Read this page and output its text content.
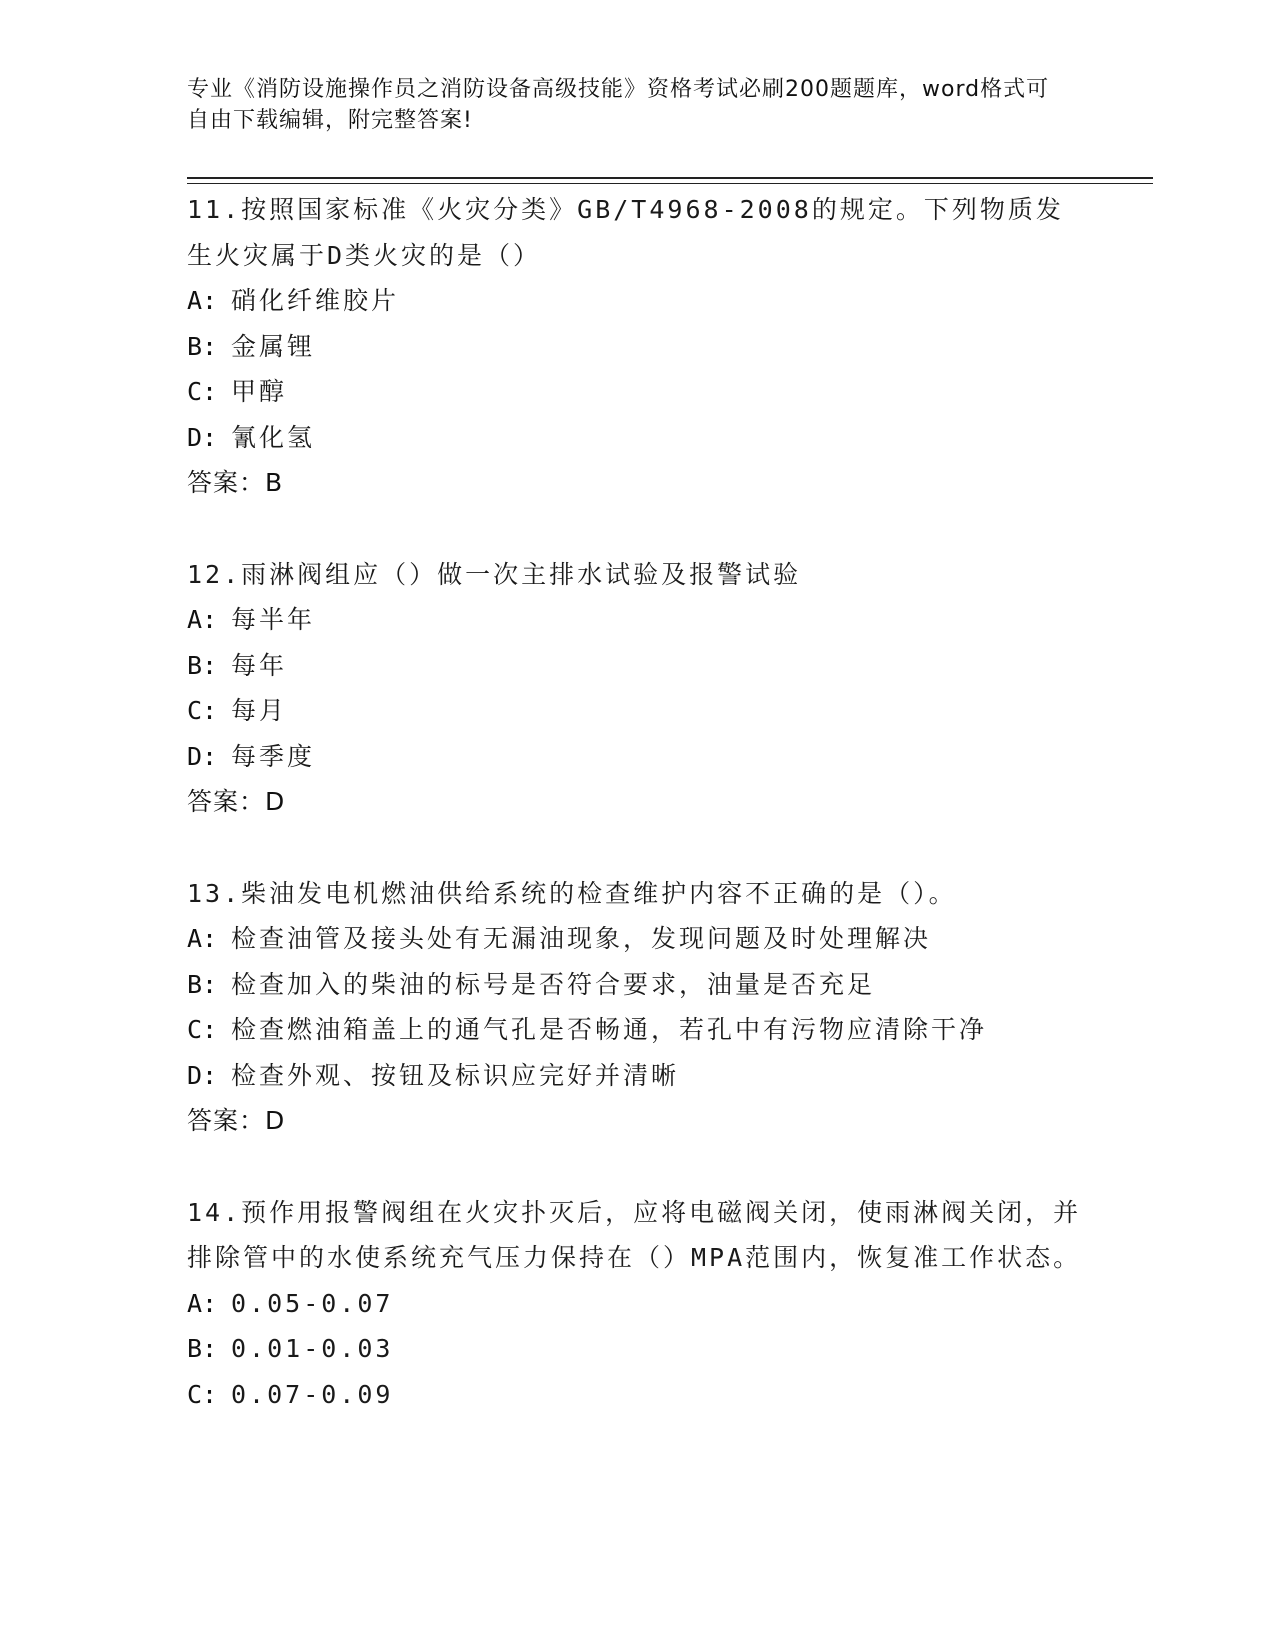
专业《消防设施操作员之消防设备高级技能》资格考试必刷200题题库，word格式可自由下载编辑，附完整答案!
11.按照国家标准《火灾分类》GB/T4968-2008的规定。下列物质发生火灾属于D类火灾的是（）
A: 硝化纤维胶片
B: 金属锂
C: 甲醇
D: 氰化氢
答案：B
12.雨淋阀组应（）做一次主排水试验及报警试验
A: 每半年
B: 每年
C: 每月
D: 每季度
答案：D
13.柴油发电机燃油供给系统的检查维护内容不正确的是（）。
A: 检查油管及接头处有无漏油现象，发现问题及时处理解决
B: 检查加入的柴油的标号是否符合要求，油量是否充足
C: 检查燃油箱盖上的通气孔是否畅通，若孔中有污物应清除干净
D: 检查外观、按钮及标识应完好并清晰
答案：D
14.预作用报警阀组在火灾扑灭后，应将电磁阀关闭，使雨淋阀关闭，并排除管中的水使系统充气压力保持在（）MPA范围内，恢复准工作状态。
A: 0.05-0.07
B: 0.01-0.03
C: 0.07-0.09
